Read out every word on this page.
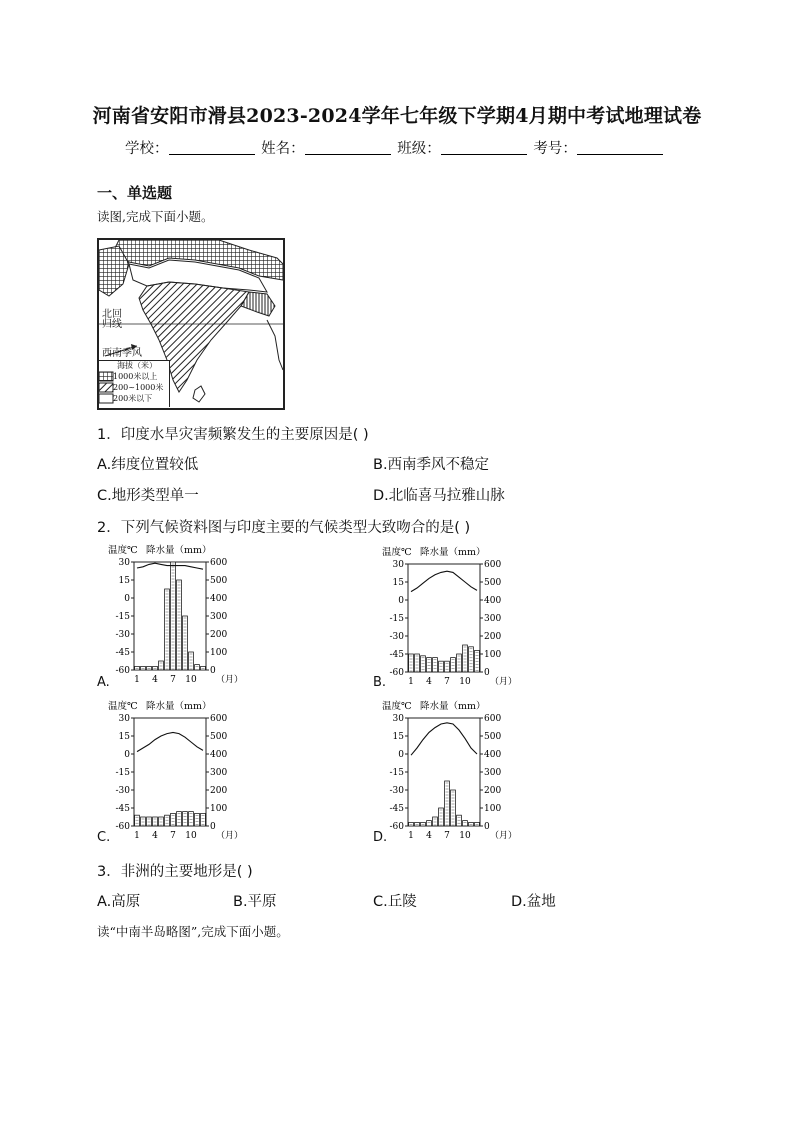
河南省安阳市滑县2023-2024学年七年级下学期4月期中考试地理试卷
学校：	姓名：	班级：	考号：
一、单选题
读图,完成下面小题。
北回
归线
西南季风
海拔（米）
1000米以上
200~1000米
200米以下
1．印度水旱灾害频繁发生的主要原因是( )
A.纬度位置较低	B.西南季风不稳定
C.地形类型单一	D.北临喜马拉雅山脉
2．下列气候资料图与印度主要的气候类型大致吻合的是( )
A.	B.
C.	D.
温度℃ 降水量（mm）
30
15
0
-15
-30
-45
-60
600
500
400
300
200
100
0
1 4 7 10 （月）
温度℃ 降水量（mm）
30
15
0
-15
-30
-45
-60
600
500
400
300
200
100
0
1 4 7 10 （月）
温度℃ 降水量（mm）
30
15
0
-15
-30
-45
-60
600
500
400
300
200
100
0
1 4 7 10 （月）
温度℃ 降水量（mm）
30
15
0
-15
-30
-45
-60
600
500
400
300
200
100
0
1 4 7 10 （月）
3．非洲的主要地形是( )
A.高原	B.平原	C.丘陵	D.盆地
读“中南半岛略图”,完成下面小题。
